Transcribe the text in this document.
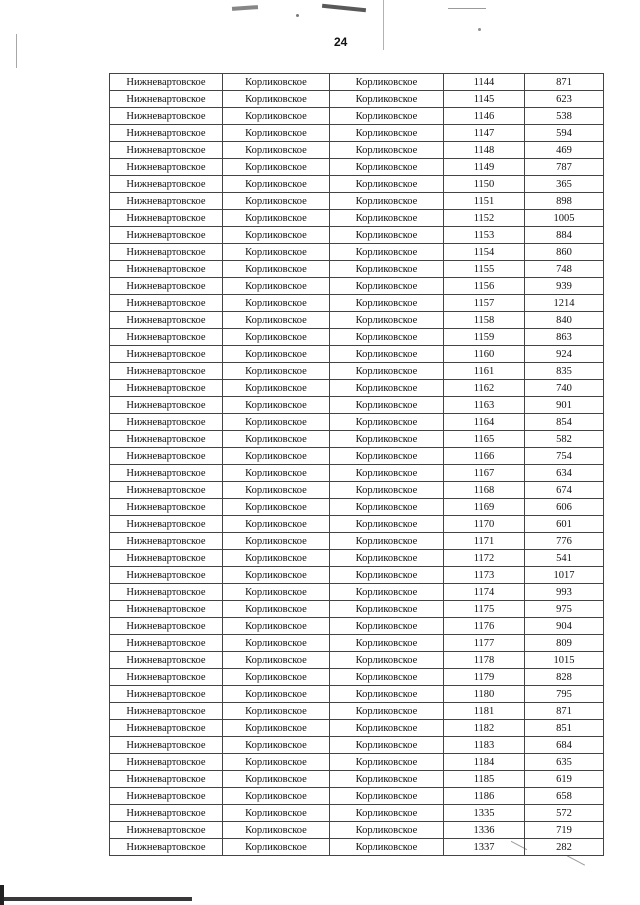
24
Нижневартовское	Корликовское	Корликовское	1144	871
Нижневартовское	Корликовское	Корликовское	1145	623
Нижневартовское	Корликовское	Корликовское	1146	538
Нижневартовское	Корликовское	Корликовское	1147	594
Нижневартовское	Корликовское	Корликовское	1148	469
Нижневартовское	Корликовское	Корликовское	1149	787
Нижневартовское	Корликовское	Корликовское	1150	365
Нижневартовское	Корликовское	Корликовское	1151	898
Нижневартовское	Корликовское	Корликовское	1152	1005
Нижневартовское	Корликовское	Корликовское	1153	884
Нижневартовское	Корликовское	Корликовское	1154	860
Нижневартовское	Корликовское	Корликовское	1155	748
Нижневартовское	Корликовское	Корликовское	1156	939
Нижневартовское	Корликовское	Корликовское	1157	1214
Нижневартовское	Корликовское	Корликовское	1158	840
Нижневартовское	Корликовское	Корликовское	1159	863
Нижневартовское	Корликовское	Корликовское	1160	924
Нижневартовское	Корликовское	Корликовское	1161	835
Нижневартовское	Корликовское	Корликовское	1162	740
Нижневартовское	Корликовское	Корликовское	1163	901
Нижневартовское	Корликовское	Корликовское	1164	854
Нижневартовское	Корликовское	Корликовское	1165	582
Нижневартовское	Корликовское	Корликовское	1166	754
Нижневартовское	Корликовское	Корликовское	1167	634
Нижневартовское	Корликовское	Корликовское	1168	674
Нижневартовское	Корликовское	Корликовское	1169	606
Нижневартовское	Корликовское	Корликовское	1170	601
Нижневартовское	Корликовское	Корликовское	1171	776
Нижневартовское	Корликовское	Корликовское	1172	541
Нижневартовское	Корликовское	Корликовское	1173	1017
Нижневартовское	Корликовское	Корликовское	1174	993
Нижневартовское	Корликовское	Корликовское	1175	975
Нижневартовское	Корликовское	Корликовское	1176	904
Нижневартовское	Корликовское	Корликовское	1177	809
Нижневартовское	Корликовское	Корликовское	1178	1015
Нижневартовское	Корликовское	Корликовское	1179	828
Нижневартовское	Корликовское	Корликовское	1180	795
Нижневартовское	Корликовское	Корликовское	1181	871
Нижневартовское	Корликовское	Корликовское	1182	851
Нижневартовское	Корликовское	Корликовское	1183	684
Нижневартовское	Корликовское	Корликовское	1184	635
Нижневартовское	Корликовское	Корликовское	1185	619
Нижневартовское	Корликовское	Корликовское	1186	658
Нижневартовское	Корликовское	Корликовское	1335	572
Нижневартовское	Корликовское	Корликовское	1336	719
Нижневартовское	Корликовское	Корликовское	1337	282
